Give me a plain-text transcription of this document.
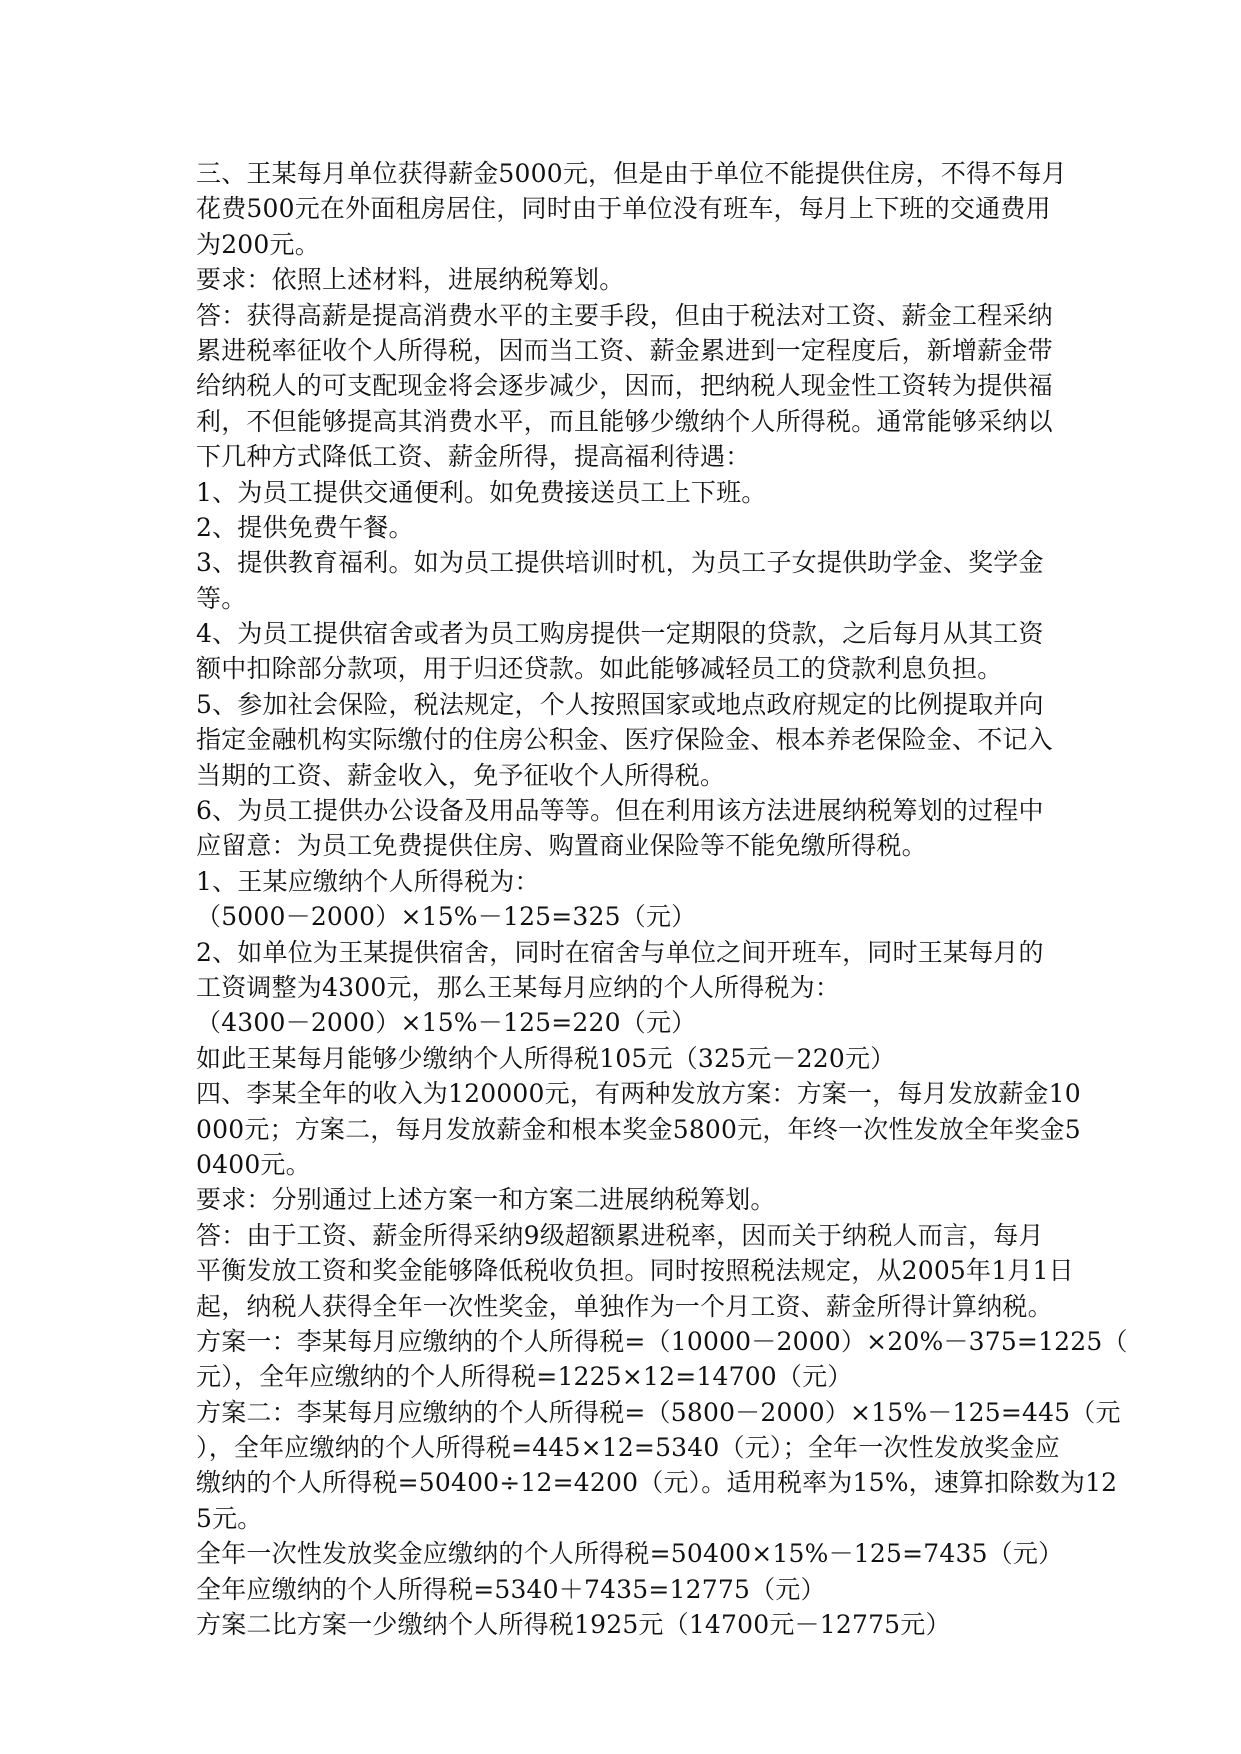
三、王某每月单位获得薪金5000元，但是由于单位不能提供住房，不得不每月
花费500元在外面租房居住，同时由于单位没有班车，每月上下班的交通费用
为200元。
要求：依照上述材料，进展纳税筹划。
答：获得高薪是提高消费水平的主要手段，但由于税法对工资、薪金工程采纳
累进税率征收个人所得税，因而当工资、薪金累进到一定程度后，新增薪金带
给纳税人的可支配现金将会逐步减少，因而，把纳税人现金性工资转为提供福
利，不但能够提高其消费水平，而且能够少缴纳个人所得税。通常能够采纳以
下几种方式降低工资、薪金所得，提高福利待遇：
1、为员工提供交通便利。如免费接送员工上下班。
2、提供免费午餐。
3、提供教育福利。如为员工提供培训时机，为员工子女提供助学金、奖学金
等。
4、为员工提供宿舍或者为员工购房提供一定期限的贷款，之后每月从其工资
额中扣除部分款项，用于归还贷款。如此能够减轻员工的贷款利息负担。
5、参加社会保险，税法规定，个人按照国家或地点政府规定的比例提取并向
指定金融机构实际缴付的住房公积金、医疗保险金、根本养老保险金、不记入
当期的工资、薪金收入，免予征收个人所得税。
6、为员工提供办公设备及用品等等。但在利用该方法进展纳税筹划的过程中
应留意：为员工免费提供住房、购置商业保险等不能免缴所得税。
1、王某应缴纳个人所得税为：
（5000－2000）×15%－125=325（元）
2、如单位为王某提供宿舍，同时在宿舍与单位之间开班车，同时王某每月的
工资调整为4300元，那么王某每月应纳的个人所得税为：
（4300－2000）×15%－125=220（元）
如此王某每月能够少缴纳个人所得税105元（325元－220元）
四、李某全年的收入为120000元，有两种发放方案：方案一，每月发放薪金10
000元；方案二，每月发放薪金和根本奖金5800元，年终一次性发放全年奖金5
0400元。
要求：分别通过上述方案一和方案二进展纳税筹划。
答：由于工资、薪金所得采纳9级超额累进税率，因而关于纳税人而言，每月
平衡发放工资和奖金能够降低税收负担。同时按照税法规定，从2005年1月1日
起，纳税人获得全年一次性奖金，单独作为一个月工资、薪金所得计算纳税。
方案一：李某每月应缴纳的个人所得税=（10000－2000）×20%－375=1225（
元），全年应缴纳的个人所得税=1225×12=14700（元）
方案二：李某每月应缴纳的个人所得税=（5800－2000）×15%－125=445（元
），全年应缴纳的个人所得税=445×12=5340（元）；全年一次性发放奖金应
缴纳的个人所得税=50400÷12=4200（元）。适用税率为15%，速算扣除数为12
5元。
全年一次性发放奖金应缴纳的个人所得税=50400×15%－125=7435（元）
全年应缴纳的个人所得税=5340＋7435=12775（元）
方案二比方案一少缴纳个人所得税1925元（14700元－12775元）
